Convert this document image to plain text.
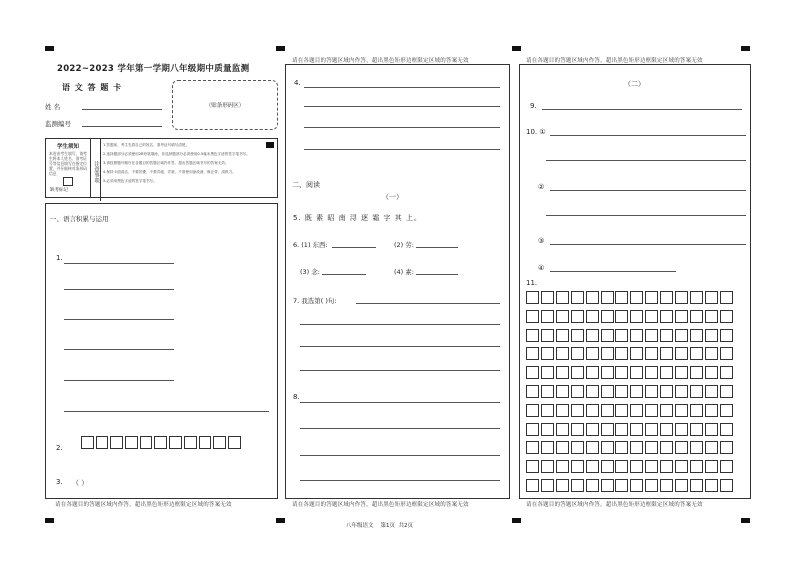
2022~2023 学年第一学期八年级期中质量监测
语 文 答 题 卡
姓 名
监测编号
（贴条形码区）
学生须知
本卷由考生填写，请考生将本人姓名、准考证号等信息填写在指定位置，并仔细核对条形码信息
缺考标记
注意事项
1.答题前，考生先将自己的姓名、准考证号填写清楚。
2.选择题部分必须使用2B铅笔填涂，非选择题部分必须使用0.5毫米黑色字迹的签字笔书写。
3.请按照题号顺序在各题目的答题区域内作答，超出答题区域书写的答案无效。
4.保持卡面清洁，不要折叠、不要弄破、弄皱，不准使用涂改液、修正带、刮纸刀。
5.必须用黑色字迹的签字笔书写。
一、语言积累与运用
1.
2.
3. （ ）
请在各题目的答题区域内作答，超出黑色矩形边框限定区域的答案无效
请在各题目的答题区域内作答，超出黑色矩形边框限定区域的答案无效
4.
二、阅读
（一）
5. 既 素 昭 南 浔 逐 霜 字 其 上。
6. (1) 东西:	(2) 劳:
(3) 念:	(4) 素:
7. 我选第( )句:
8.
请在各题目的答题区域内作答，超出黑色矩形边框限定区域的答案无效
请在各题目的答题区域内作答，超出黑色矩形边框限定区域的答案无效
（二）
9.
10. ①
②
③
④
11.
请在各题目的答题区域内作答，超出黑色矩形边框限定区域的答案无效
八年级语文    第1页  共2页
